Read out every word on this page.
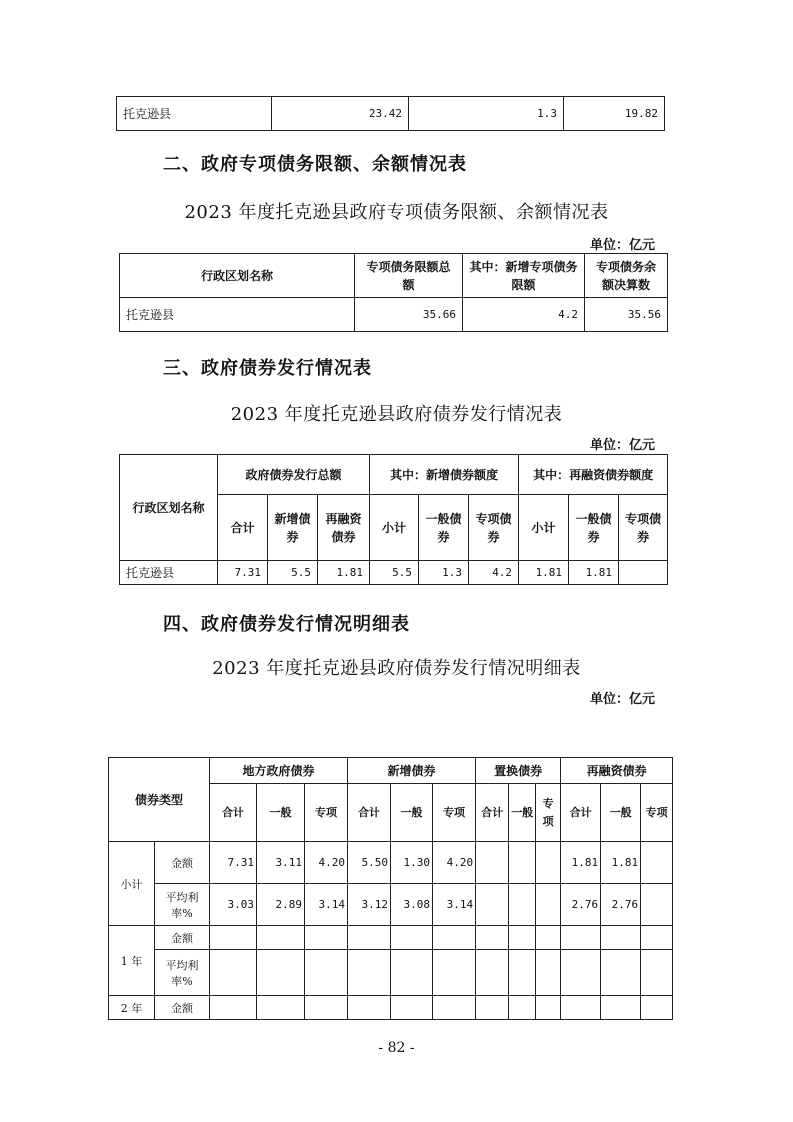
托克逊县	23.42	1.3	19.82
二、政府专项债务限额、余额情况表
2023 年度托克逊县政府专项债务限额、余额情况表
单位：亿元
行政区划名称	专项债务限额总额	其中：新增专项债务限额	专项债务余额决算数
托克逊县	35.66	4.2	35.56
三、政府债券发行情况表
2023 年度托克逊县政府债券发行情况表
单位：亿元
行政区划名称	政府债券发行总额			其中：新增债券额度			其中：再融资债券额度		
	合计	新增债券	再融资债券	小计	一般债券	专项债券	小计	一般债券	专项债券
托克逊县	7.31	5.5	1.81	5.5	1.3	4.2	1.81	1.81	
四、政府债券发行情况明细表
2023 年度托克逊县政府债券发行情况明细表
单位：亿元
债券类型		地方政府债券			新增债券			置换债券			再融资债券		
		合计	一般	专项	合计	一般	专项	合计	一般	专项	合计	一般	专项
小计	金额	7.31	3.11	4.20	5.50	1.30	4.20				1.81	1.81	
	平均利率%	3.03	2.89	3.14	3.12	3.08	3.14				2.76	2.76	
1 年	金额												
	平均利率%												
2 年	金额												
- 82 -
